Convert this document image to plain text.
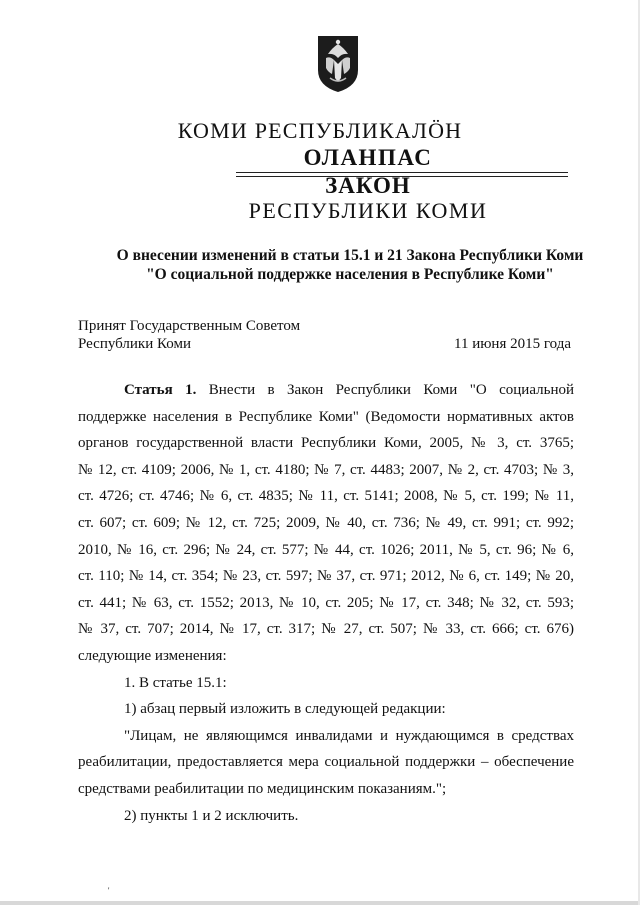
КОМИ РЕСПУБЛИКАЛÖН
ОЛАНПАС
ЗАКОН
РЕСПУБЛИКИ КОМИ
О внесении изменений в статьи 15.1 и 21 Закона Республики Коми
"О социальной поддержке населения в Республике Коми"
Принят Государственным Советом
Республики Коми	11 июня 2015 года
Статья 1. Внести в Закон Республики Коми "О социальной
поддержке населения в Республике Коми" (Ведомости нормативных актов
органов государственной власти Республики Коми, 2005, № 3, ст. 3765;
№ 12, ст. 4109; 2006, № 1, ст. 4180; № 7, ст. 4483; 2007, № 2, ст. 4703; № 3,
ст. 4726; ст. 4746; № 6, ст. 4835; № 11, ст. 5141; 2008, № 5, ст. 199; № 11,
ст. 607; ст. 609; № 12, ст. 725; 2009, № 40, ст. 736; № 49, ст. 991; ст. 992;
2010, № 16, ст. 296; № 24, ст. 577; № 44, ст. 1026; 2011, № 5, ст. 96; № 6,
ст. 110; № 14, ст. 354; № 23, ст. 597; № 37, ст. 971; 2012, № 6, ст. 149; № 20,
ст. 441; № 63, ст. 1552; 2013, № 10, ст. 205; № 17, ст. 348; № 32, ст. 593;
№ 37, ст. 707; 2014, № 17, ст. 317; № 27, ст. 507; № 33, ст. 666; ст. 676)
следующие изменения:
1. В статье 15.1:
1) абзац первый изложить в следующей редакции:
"Лицам, не являющимся инвалидами и нуждающимся в средствах
реабилитации, предоставляется мера социальной поддержки – обеспечение
средствами реабилитации по медицинским показаниям.";
2) пункты 1 и 2 исключить.
'
